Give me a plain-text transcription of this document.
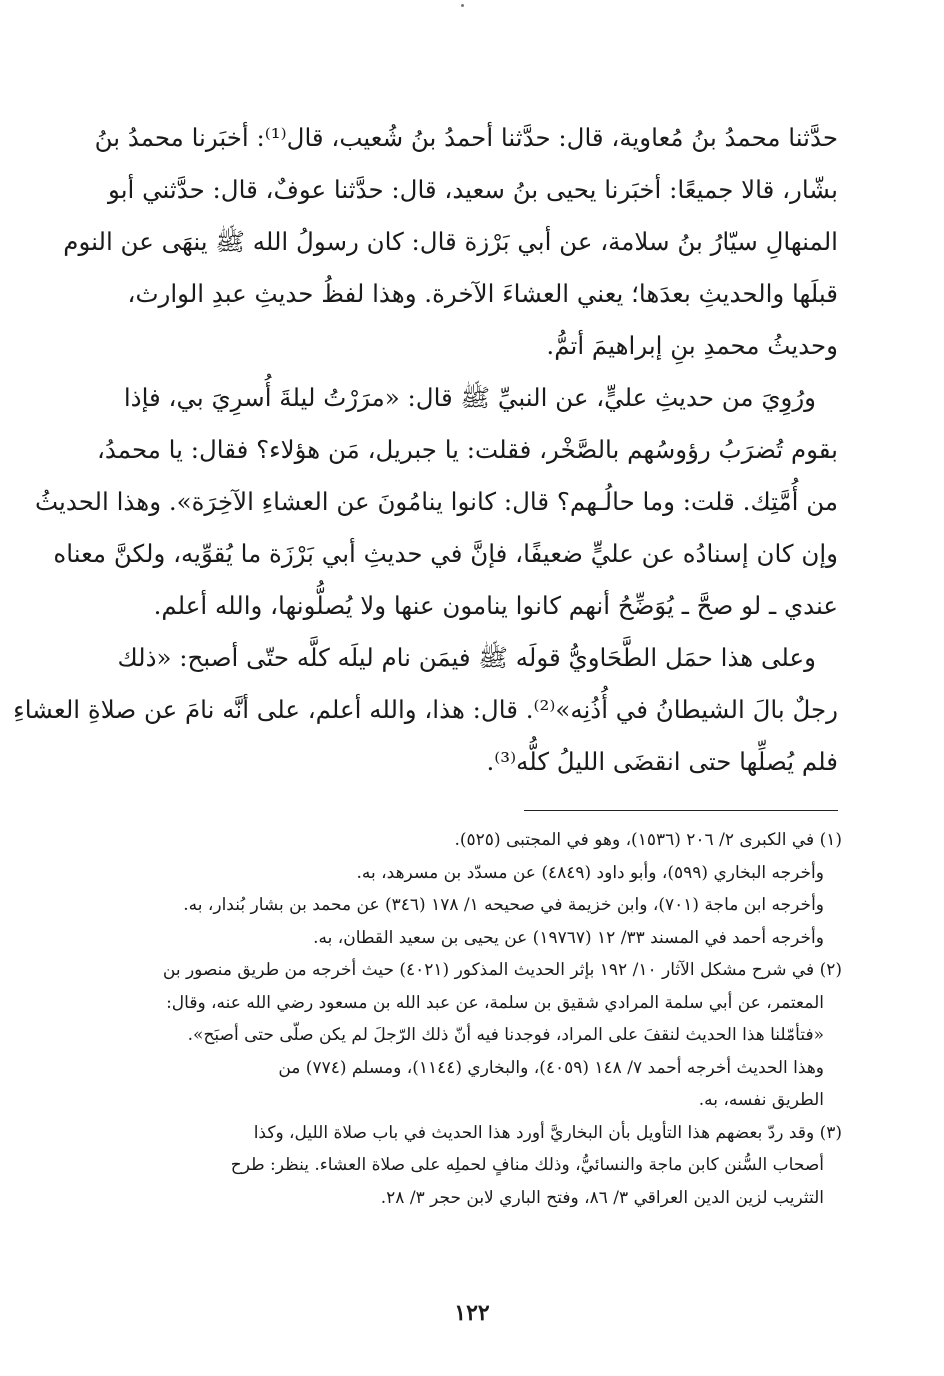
حدَّثنا محمدُ بنُ مُعاوية، قال: حدَّثنا أحمدُ بنُ شُعيب، قال⁽¹⁾: أخبَرنا محمدُ بنُ
بشّار، قالا جميعًا: أخبَرنا يحيى بنُ سعيد، قال: حدَّثنا عوفٌ، قال: حدَّثني أبو
المنهالِ سيّارُ بنُ سلامة، عن أبي بَرْزة قال: كان رسولُ الله ﷺ ينهَى عن النوم
قبلَها والحديثِ بعدَها؛ يعني العشاءَ الآخرة. وهذا لفظُ حديثِ عبدِ الوارث،
وحديثُ محمدِ بنِ إبراهيمَ أتمُّ.
ورُوِيَ من حديثِ عليٍّ، عن النبيِّ ﷺ قال: «مرَرْتُ ليلةَ أُسرِيَ بي، فإذا
بقوم تُضرَبُ رؤوسُهم بالصَّخْر، فقلت: يا جبريل، مَن هؤلاء؟ فقال: يا محمدُ،
من أُمَّتِك. قلت: وما حالُـهم؟ قال: كانوا ينامُونَ عن العشاءِ الآخِرَة». وهذا الحديثُ
وإن كان إسنادُه عن عليٍّ ضعيفًا، فإنَّ في حديثِ أبي بَرْزَة ما يُقوِّيه، ولكنَّ معناه
عندي ـ لو صحَّ ـ يُوَضِّحُ أنهم كانوا ينامون عنها ولا يُصلُّونها، والله أعلم.
وعلى هذا حمَل الطَّحَاويُّ قولَه ﷺ فيمَن نام ليلَه كلَّه حتّى أصبح: «ذلك
رجلٌ بالَ الشيطانُ في أُذُنِه»⁽²⁾. قال: هذا، والله أعلم، على أنَّه نامَ عن صلاةِ العشاءِ
فلم يُصلِّها حتى انقضَى الليلُ كلُّه⁽³⁾.
(١) في الكبرى ٢/ ٢٠٦ (١٥٣٦)، وهو في المجتبى (٥٢٥).
وأخرجه البخاري (٥٩٩)، وأبو داود (٤٨٤٩) عن مسدّد بن مسرهد، به.
وأخرجه ابن ماجة (٧٠١)، وابن خزيمة في صحيحه ١/ ١٧٨ (٣٤٦) عن محمد بن بشار بُندار، به.
وأخرجه أحمد في المسند ٣٣/ ١٢ (١٩٧٦٧) عن يحيى بن سعيد القطان، به.
(٢) في شرح مشكل الآثار ١٠/ ١٩٢ بإثر الحديث المذكور (٤٠٢١) حيث أخرجه من طريق منصور بن
المعتمر، عن أبي سلمة المرادي شقيق بن سلمة، عن عبد الله بن مسعود رضي الله عنه، وقال:
«فتأمّلنا هذا الحديث لنقفَ على المراد، فوجدنا فيه أنّ ذلك الرّجلَ لم يكن صلّى حتى أصبَح».
وهذا الحديث أخرجه أحمد ٧/ ١٤٨ (٤٠٥٩)، والبخاري (١١٤٤)، ومسلم (٧٧٤) من
الطريق نفسه، به.
(٣) وقد ردّ بعضهم هذا التأويل بأن البخاريَّ أورد هذا الحديث في باب صلاة الليل، وكذا
أصحاب السُّنن كابن ماجة والنسائيُّ، وذلك منافٍ لحملِه على صلاة العشاء. ينظر: طرح
التثريب لزين الدين العراقي ٣/ ٨٦، وفتح الباري لابن حجر ٣/ ٢٨.
١٢٢
